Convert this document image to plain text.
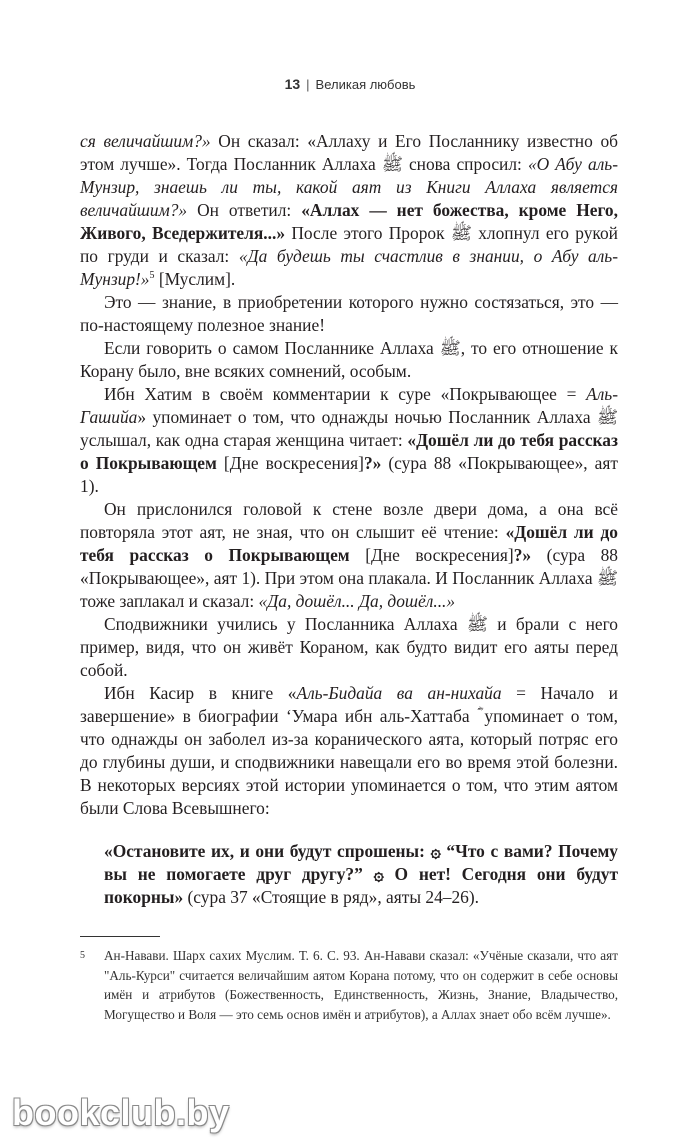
13 | Великая любовь

ся величайшим?» Он сказал: «Аллаху и Его Посланнику известно об этом лучше». Тогда Посланник Аллаха ﷺ снова спросил: «О Абу аль-Мунзир, знаешь ли ты, какой аят из Книги Аллаха является величайшим?» Он ответил: «Аллах — нет божества, кроме Него, Живого, Вседержителя...» После этого Пророк ﷺ хлопнул его рукой по груди и сказал: «Да будешь ты счастлив в знании, о Абу аль-Мунзир!»$^5$ [Муслим].

Это — знание, в приобретении которого нужно состязаться, это — по-настоящему полезное знание!

Если говорить о самом Посланнике Аллаха ﷺ, то его отношение к Корану было, вне всяких сомнений, особым.

Ибн Хатим в своём комментарии к суре «Покрывающее = Аль-Гашийа» упоминает о том, что однажды ночью Посланник Аллаха ﷺ услышал, как одна старая женщина читает: «Дошёл ли до тебя рассказ о Покрывающем [Дне воскресения]?» (сура 88 «Покрывающее», аят 1).

Он прислонился головой к стене возле двери дома, а она всё повторяла этот аят, не зная, что он слышит её чтение: «Дошёл ли до тебя рассказ о Покрывающем [Дне воскресения]?» (сура 88 «Покрывающее», аят 1). При этом она плакала. И Посланник Аллаха ﷺ тоже заплакал и сказал: «Да, дошёл... Да, дошёл...»

Сподвижники учились у Посланника Аллаха ﷺ и брали с него пример, видя, что он живёт Кораном, как будто видит его аяты перед собой.

Ибн Касир в книге «Аль-Бидайа ва ан-нихайа = Начало и завершение» в биографии ‘Умара ибн аль-Хаттаба ؓ упоминает о том, что однажды он заболел из-за коранического аята, который потряс его до глубины души, и сподвижники навещали его во время этой болезни. В некоторых версиях этой истории упоминается о том, что этим аятом были Слова Всевышнего:

«Остановите их, и они будут спрошены: ۞ “Что с вами? Почему вы не помогаете друг другу?” ۞ О нет! Сегодня они будут покорны» (сура 37 «Стоящие в ряд», аяты 24–26).

5 Ан-Навави. Шарх сахих Муслим. Т. 6. С. 93. Ан-Навави сказал: «Учёные сказали, что аят "Аль-Курси" считается величайшим аятом Корана потому, что он содержит в себе основы имён и атрибутов (Божественность, Единственность, Жизнь, Знание, Владычество, Могущество и Воля — это семь основ имён и атрибутов), а Аллах знает обо всём лучше».
bookclub.by
